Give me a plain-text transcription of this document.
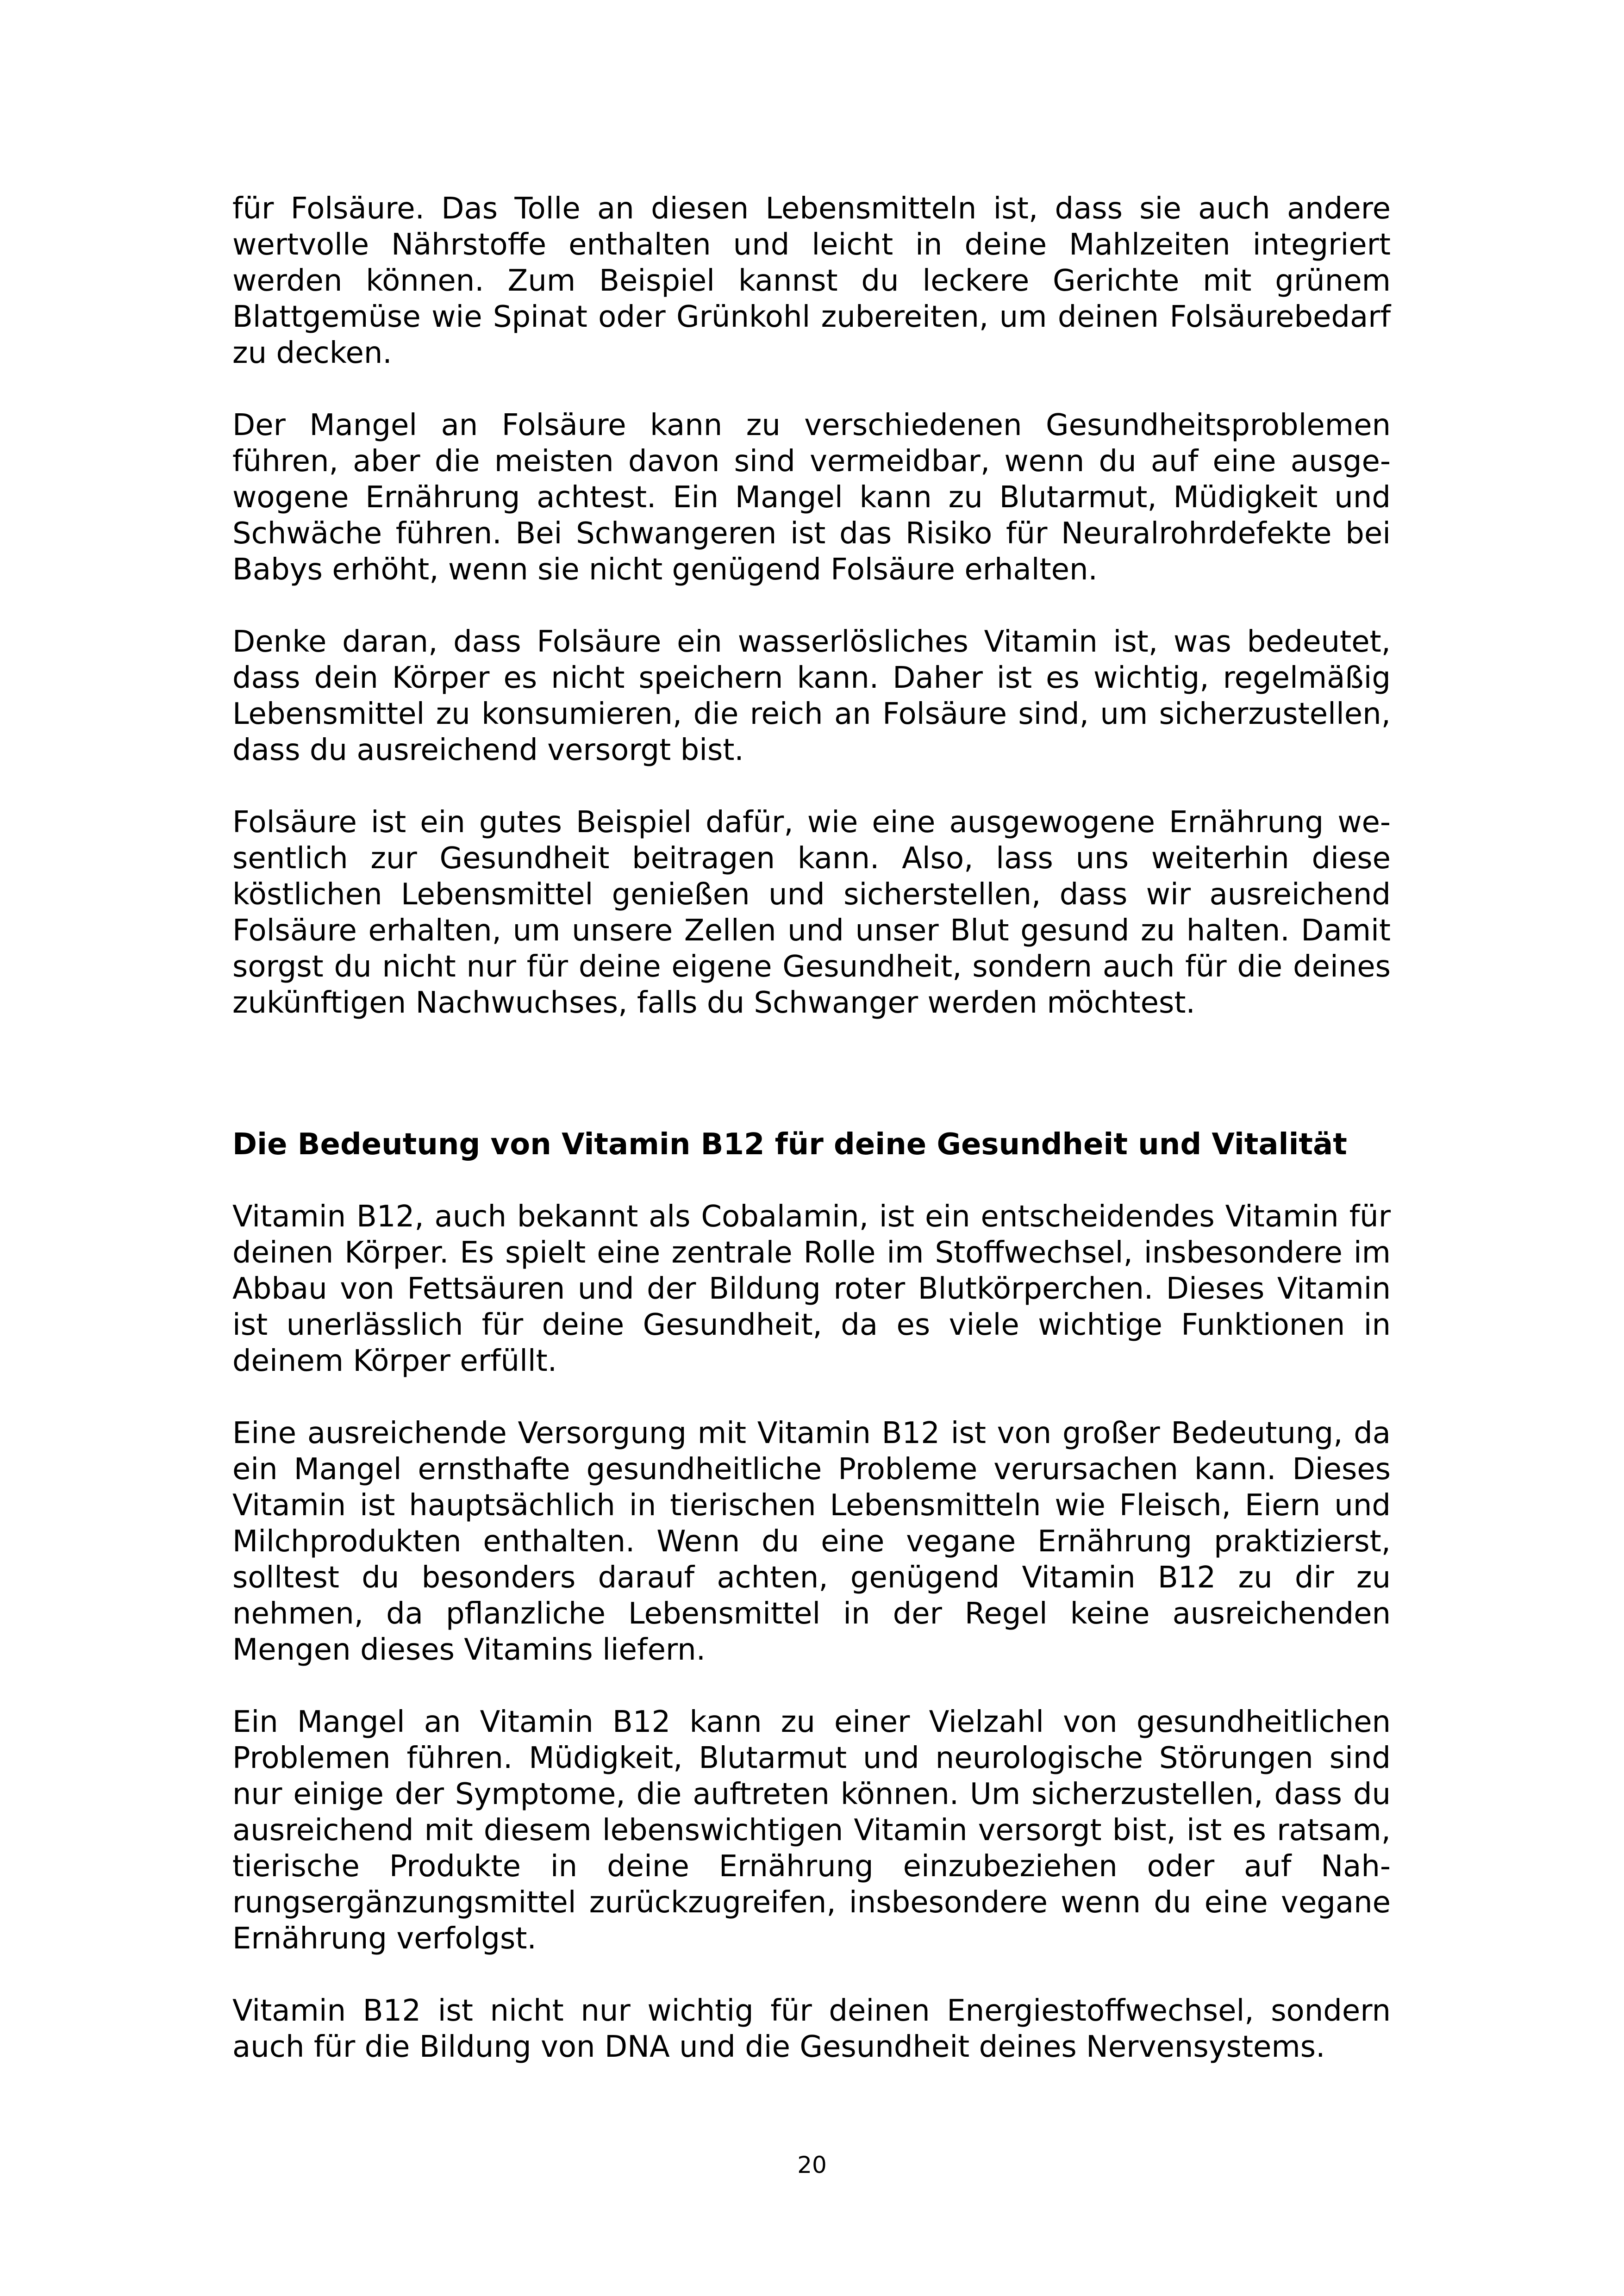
für Folsäure. Das Tolle an diesen Lebensmitteln ist, dass sie auch andere wertvolle Nährstoffe enthalten und leicht in deine Mahlzeiten integriert werden können. Zum Beispiel kannst du leckere Gerichte mit grünem Blattgemüse wie Spinat oder Grünkohl zubereiten, um deinen Folsäurebedarf zu decken.

Der Mangel an Folsäure kann zu verschiedenen Gesundheitsproblemen führen, aber die meisten davon sind vermeidbar, wenn du auf eine ausgewogene Ernährung achtest. Ein Mangel kann zu Blutarmut, Müdigkeit und Schwäche führen. Bei Schwangeren ist das Risiko für Neuralrohrdefekte bei Babys erhöht, wenn sie nicht genügend Folsäure erhalten.

Denke daran, dass Folsäure ein wasserlösliches Vitamin ist, was bedeutet, dass dein Körper es nicht speichern kann. Daher ist es wichtig, regelmäßig Lebensmittel zu konsumieren, die reich an Folsäure sind, um sicherzustellen, dass du ausreichend versorgt bist.

Folsäure ist ein gutes Beispiel dafür, wie eine ausgewogene Ernährung wesentlich zur Gesundheit beitragen kann. Also, lass uns weiterhin diese köstlichen Lebensmittel genießen und sicherstellen, dass wir ausreichend Folsäure erhalten, um unsere Zellen und unser Blut gesund zu halten. Damit sorgst du nicht nur für deine eigene Gesundheit, sondern auch für die deines zukünftigen Nachwuchses, falls du Schwanger werden möchtest.

Die Bedeutung von Vitamin B12 für deine Gesundheit und Vitalität

Vitamin B12, auch bekannt als Cobalamin, ist ein entscheidendes Vitamin für deinen Körper. Es spielt eine zentrale Rolle im Stoffwechsel, insbesondere im Abbau von Fettsäuren und der Bildung roter Blutkörperchen. Dieses Vitamin ist unerlässlich für deine Gesundheit, da es viele wichtige Funktionen in deinem Körper erfüllt.

Eine ausreichende Versorgung mit Vitamin B12 ist von großer Bedeutung, da ein Mangel ernsthafte gesundheitliche Probleme verursachen kann. Dieses Vitamin ist hauptsächlich in tierischen Lebensmitteln wie Fleisch, Eiern und Milchprodukten enthalten. Wenn du eine vegane Ernährung praktizierst, solltest du besonders darauf achten, genügend Vitamin B12 zu dir zu nehmen, da pflanzliche Lebensmittel in der Regel keine ausreichenden Mengen dieses Vitamins liefern.

Ein Mangel an Vitamin B12 kann zu einer Vielzahl von gesundheitlichen Problemen führen. Müdigkeit, Blutarmut und neurologische Störungen sind nur einige der Symptome, die auftreten können. Um sicherzustellen, dass du ausreichend mit diesem lebenswichtigen Vitamin versorgt bist, ist es ratsam, tierische Produkte in deine Ernährung einzubeziehen oder auf Nahrungsergänzungsmittel zurückzugreifen, insbesondere wenn du eine vegane Ernährung verfolgst.

Vitamin B12 ist nicht nur wichtig für deinen Energiestoffwechsel, sondern auch für die Bildung von DNA und die Gesundheit deines Nervensystems.

20
